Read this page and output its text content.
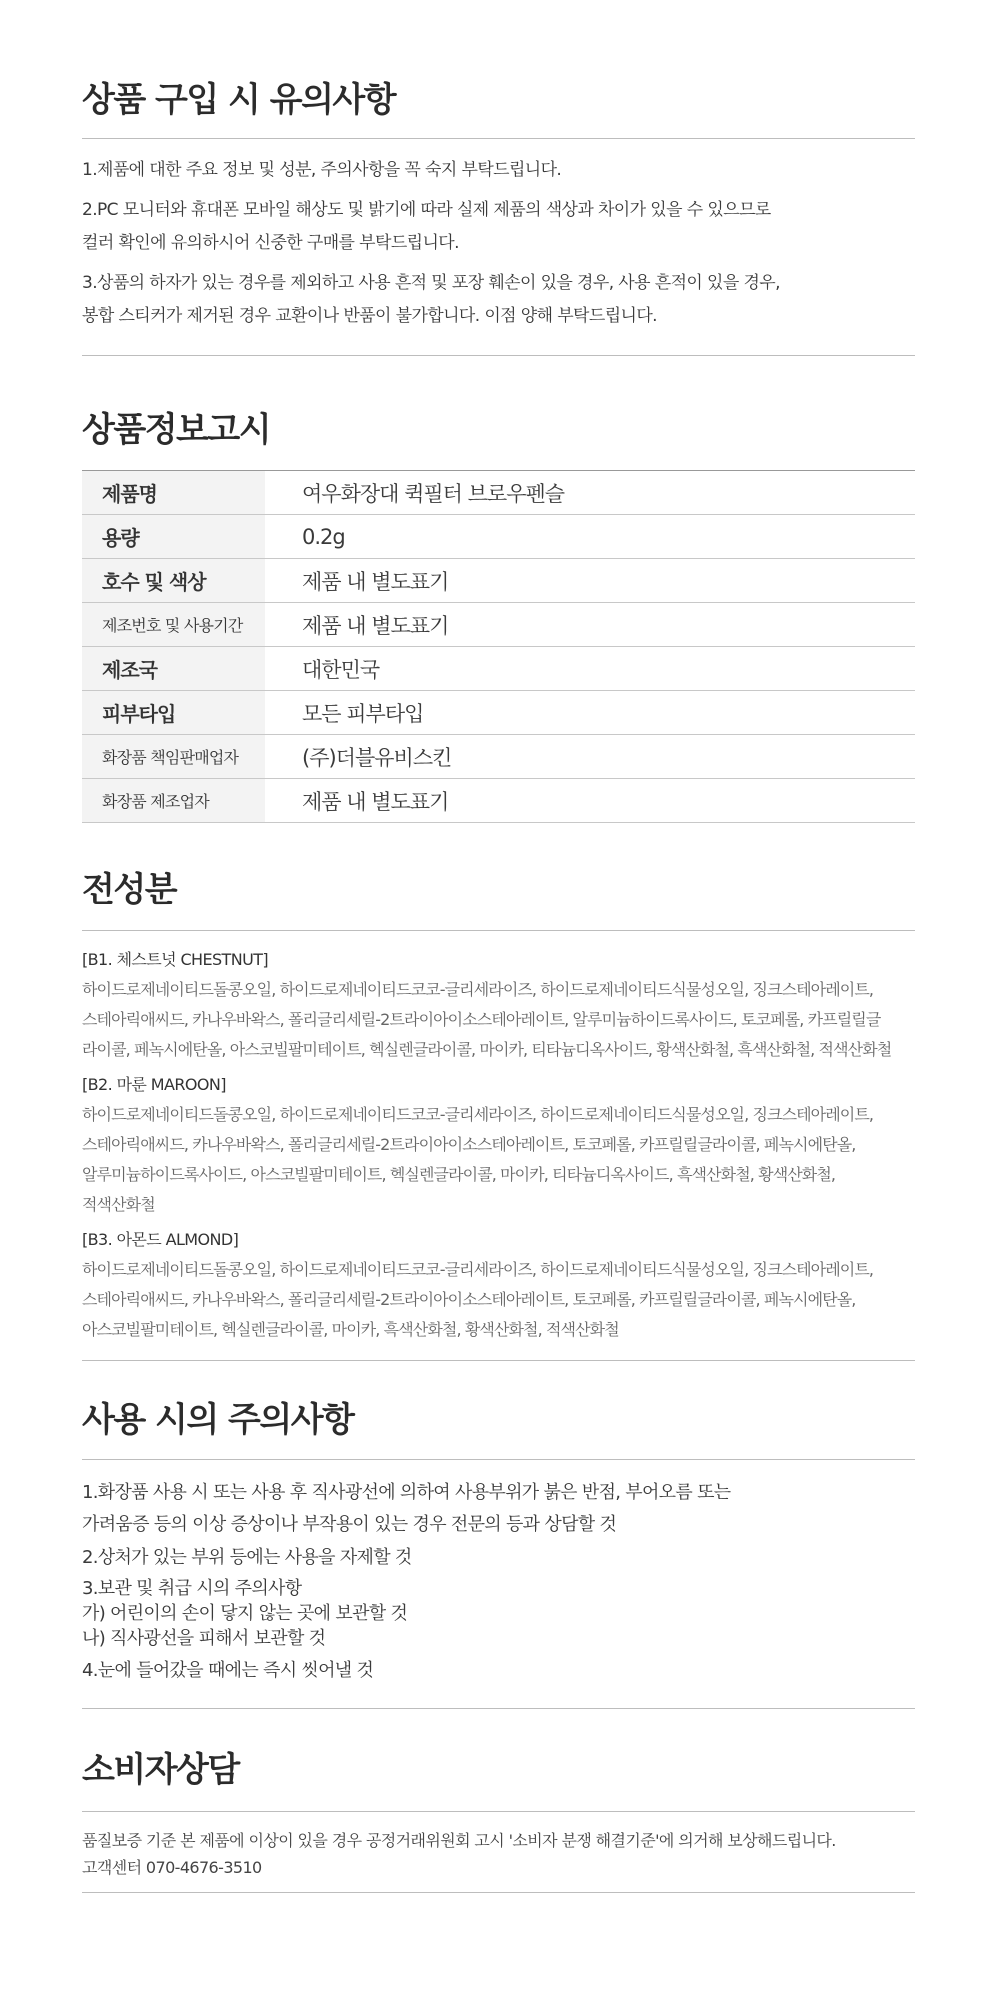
상품 구입 시 유의사항

1.제품에 대한 주요 정보 및 성분, 주의사항을 꼭 숙지 부탁드립니다.

2.PC 모니터와 휴대폰 모바일 해상도 및 밝기에 따라 실제 제품의 색상과 차이가 있을 수 있으므로

컬러 확인에 유의하시어 신중한 구매를 부탁드립니다.

3.상품의 하자가 있는 경우를 제외하고 사용 흔적 및 포장 훼손이 있을 경우, 사용 흔적이 있을 경우,

봉합 스티커가 제거된 경우 교환이나 반품이 불가합니다. 이점 양해 부탁드립니다.

상품정보고시
제품명	여우화장대 퀵필터 브로우펜슬
용량	0.2g
호수 및 색상	제품 내 별도표기
제조번호 및 사용기간	제품 내 별도표기
제조국	대한민국
피부타입	모든 피부타입
화장품 책임판매업자	(주)더블유비스킨
화장품 제조업자	제품 내 별도표기
전성분

[B1. 체스트넛 CHESTNUT]

하이드로제네이티드돌콩오일, 하이드로제네이티드코코-글리세라이즈, 하이드로제네이티드식물성오일, 징크스테아레이트,

스테아릭애씨드, 카나우바왁스, 폴리글리세릴-2트라이아이소스테아레이트, 알루미늄하이드록사이드, 토코페롤, 카프릴릴글

라이콜, 페녹시에탄올, 아스코빌팔미테이트, 헥실렌글라이콜, 마이카, 티타늄디옥사이드, 황색산화철, 흑색산화철, 적색산화철

[B2. 마룬 MAROON]

하이드로제네이티드돌콩오일, 하이드로제네이티드코코-글리세라이즈, 하이드로제네이티드식물성오일, 징크스테아레이트,

스테아릭애씨드, 카나우바왁스, 폴리글리세릴-2트라이아이소스테아레이트, 토코페롤, 카프릴릴글라이콜, 페녹시에탄올,

알루미늄하이드록사이드, 아스코빌팔미테이트, 헥실렌글라이콜, 마이카, 티타늄디옥사이드, 흑색산화철, 황색산화철,

적색산화철

[B3. 아몬드 ALMOND]

하이드로제네이티드돌콩오일, 하이드로제네이티드코코-글리세라이즈, 하이드로제네이티드식물성오일, 징크스테아레이트,

스테아릭애씨드, 카나우바왁스, 폴리글리세릴-2트라이아이소스테아레이트, 토코페롤, 카프릴릴글라이콜, 페녹시에탄올,

아스코빌팔미테이트, 헥실렌글라이콜, 마이카, 흑색산화철, 황색산화철, 적색산화철

사용 시의 주의사항

1.화장품 사용 시 또는 사용 후 직사광선에 의하여 사용부위가 붉은 반점, 부어오름 또는

가려움증 등의 이상 증상이나 부작용이 있는 경우 전문의 등과 상담할 것

2.상처가 있는 부위 등에는 사용을 자제할 것

3.보관 및 취급 시의 주의사항

가) 어린이의 손이 닿지 않는 곳에 보관할 것

나) 직사광선을 피해서 보관할 것

4.눈에 들어갔을 때에는 즉시 씻어낼 것

소비자상담

품질보증 기준 본 제품에 이상이 있을 경우 공정거래위원회 고시 '소비자 분쟁 해결기준'에 의거해 보상해드립니다.

고객센터 070-4676-3510
